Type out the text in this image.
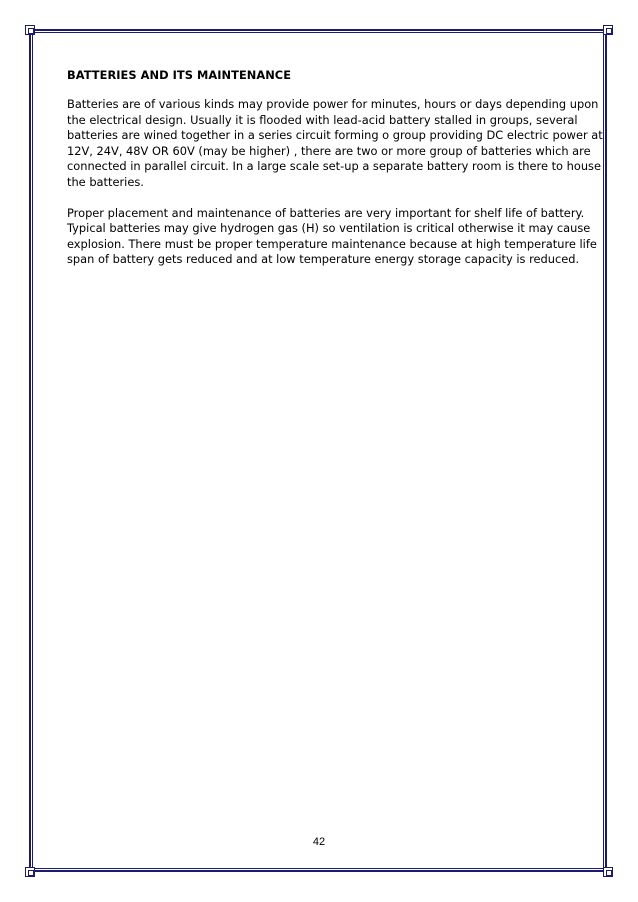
BATTERIES AND ITS MAINTENANCE
Batteries are of various kinds may provide power for minutes, hours or days depending upon
the electrical design. Usually it is flooded with lead-acid battery stalled in groups, several
batteries are wined together in a series circuit forming o group providing DC electric power at
12V, 24V, 48V OR 60V (may be higher) , there are two or more group of batteries which are
connected in parallel circuit. In a large scale set-up a separate battery room is there to house
the batteries.
Proper placement and maintenance of batteries are very important for shelf life of battery.
Typical batteries may give hydrogen gas (H) so ventilation is critical otherwise it may cause
explosion. There must be proper temperature maintenance because at high temperature life
span of battery gets reduced and at low temperature energy storage capacity is reduced.
42
